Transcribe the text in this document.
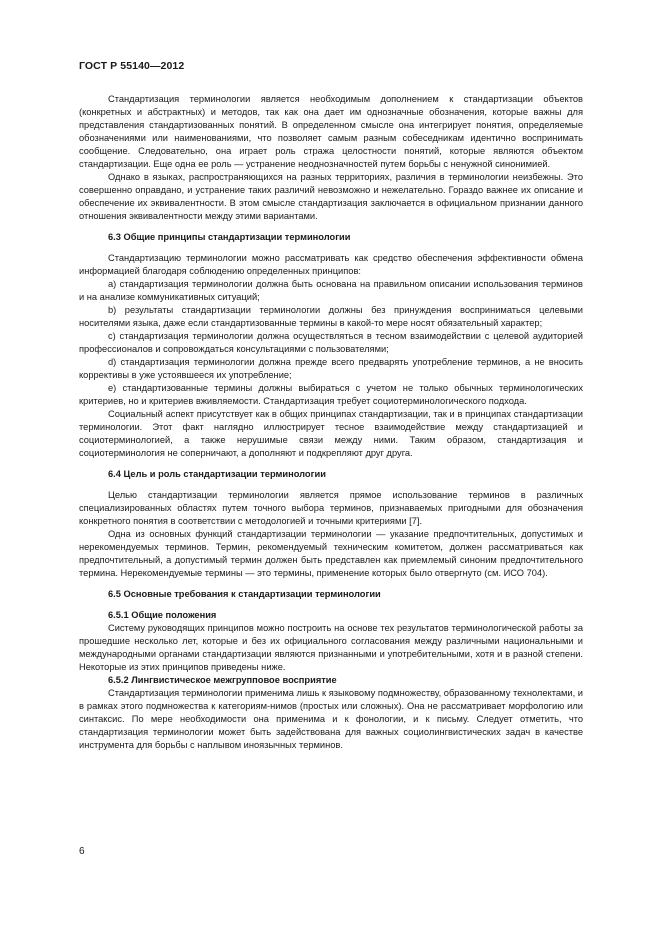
ГОСТ Р 55140—2012

Стандартизация терминологии является необходимым дополнением к стандартизации объектов (конкретных и абстрактных) и методов, так как она дает им однозначные обозначения, которые важны для представления стандартизованных понятий. В определенном смысле она интегрирует понятия, определяемые обозначениями или наименованиями, что позволяет самым разным собеседникам идентично воспринимать сообщение. Следовательно, она играет роль стража целостности понятий, которые являются объектом стандартизации. Еще одна ее роль — устранение неоднозначностей путем борьбы с ненужной синонимией.

Однако в языках, распространяющихся на разных территориях, различия в терминологии неизбежны. Это совершенно оправдано, и устранение таких различий невозможно и нежелательно. Гораздо важнее их описание и обеспечение их эквивалентности. В этом смысле стандартизация заключается в официальном признании данного отношения эквивалентности между этими вариантами.

6.3 Общие принципы стандартизации терминологии

Стандартизацию терминологии можно рассматривать как средство обеспечения эффективности обмена информацией благодаря соблюдению определенных принципов:

a) стандартизация терминологии должна быть основана на правильном описании использования терминов и на анализе коммуникативных ситуаций;

b) результаты стандартизации терминологии должны без принуждения восприниматься целевыми носителями языка, даже если стандартизованные термины в какой-то мере носят обязательный характер;

c) стандартизация терминологии должна осуществляться в тесном взаимодействии с целевой аудиторией профессионалов и сопровождаться консультациями с пользователями;

d) стандартизация терминологии должна прежде всего предварять употребление терминов, а не вносить коррективы в уже устоявшееся их употребление;

e) стандартизованные термины должны выбираться с учетом не только обычных терминологических критериев, но и критериев вживляемости. Стандартизация требует социотерминологического подхода.

Социальный аспект присутствует как в общих принципах стандартизации, так и в принципах стандартизации терминологии. Этот факт наглядно иллюстрирует тесное взаимодействие между стандартизацией и социотерминологией, а также нерушимые связи между ними. Таким образом, стандартизация и социотерминология не соперничают, а дополняют и подкрепляют друг друга.

6.4 Цель и роль стандартизации терминологии

Целью стандартизации терминологии является прямое использование терминов в различных специализированных областях путем точного выбора терминов, признаваемых пригодными для обозначения конкретного понятия в соответствии с методологией и точными критериями [7].

Одна из основных функций стандартизации терминологии — указание предпочтительных, допустимых и нерекомендуемых терминов. Термин, рекомендуемый техническим комитетом, должен рассматриваться как предпочтительный, а допустимый термин должен быть представлен как приемлемый синоним предпочтительного термина. Нерекомендуемые термины — это термины, применение которых было отвергнуто (см. ИСО 704).

6.5 Основные требования к стандартизации терминологии

6.5.1 Общие положения

Систему руководящих принципов можно построить на основе тех результатов терминологической работы за прошедшие несколько лет, которые и без их официального согласования между различными национальными и международными органами стандартизации являются признанными и употребительными, хотя и в разной степени. Некоторые из этих принципов приведены ниже.

6.5.2 Лингвистическое межгрупповое восприятие

Стандартизация терминологии применима лишь к языковому подмножеству, образованному технолектами, и в рамках этого подмножества к категориям-нимов (простых или сложных). Она не рассматривает морфологию или синтаксис. По мере необходимости она применима и к фонологии, и к письму. Следует отметить, что стандартизация терминологии может быть задействована для важных социолингвистических задач в качестве инструмента для борьбы с наплывом иноязычных терминов.

6
